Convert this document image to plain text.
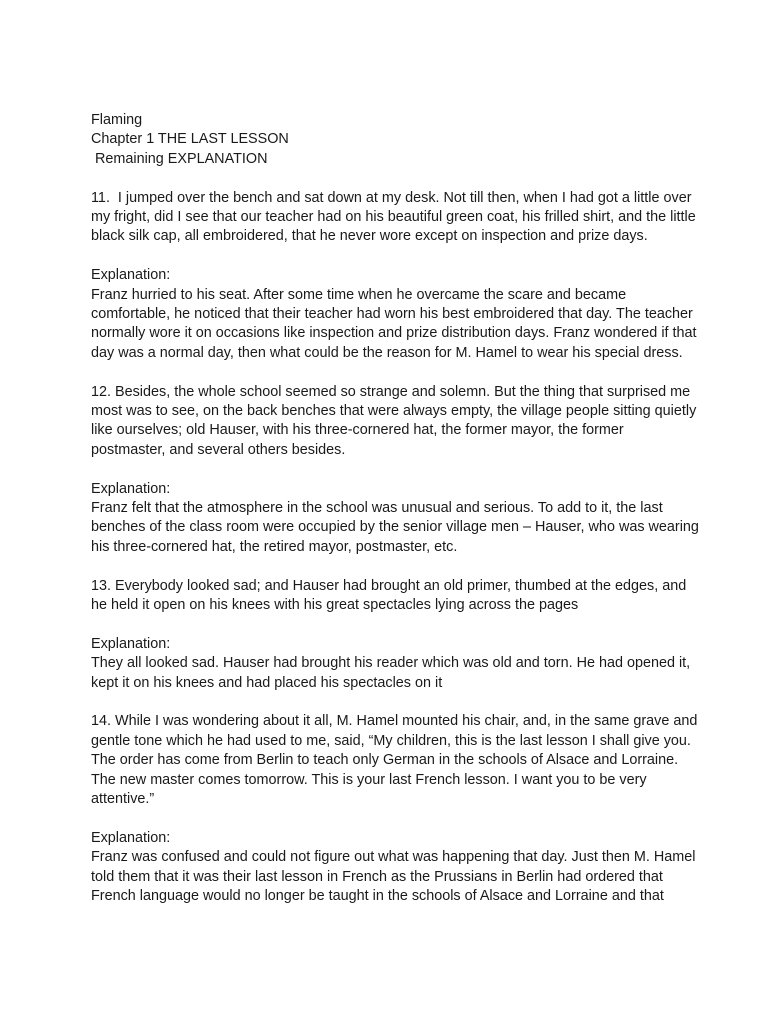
Flaming
Chapter 1 THE LAST LESSON
Remaining EXPLANATION
11.  I jumped over the bench and sat down at my desk. Not till then, when I had got a little over
my fright, did I see that our teacher had on his beautiful green coat, his frilled shirt, and the little
black silk cap, all embroidered, that he never wore except on inspection and prize days.
Explanation:
Franz hurried to his seat. After some time when he overcame the scare and became
comfortable, he noticed that their teacher had worn his best embroidered that day. The teacher
normally wore it on occasions like inspection and prize distribution days. Franz wondered if that
day was a normal day, then what could be the reason for M. Hamel to wear his special dress.
12. Besides, the whole school seemed so strange and solemn. But the thing that surprised me
most was to see, on the back benches that were always empty, the village people sitting quietly
like ourselves; old Hauser, with his three-cornered hat, the former mayor, the former
postmaster, and several others besides.
Explanation:
Franz felt that the atmosphere in the school was unusual and serious. To add to it, the last
benches of the class room were occupied by the senior village men – Hauser, who was wearing
his three-cornered hat, the retired mayor, postmaster, etc.
13. Everybody looked sad; and Hauser had brought an old primer, thumbed at the edges, and
he held it open on his knees with his great spectacles lying across the pages
Explanation:
They all looked sad. Hauser had brought his reader which was old and torn. He had opened it,
kept it on his knees and had placed his spectacles on it
14. While I was wondering about it all, M. Hamel mounted his chair, and, in the same grave and
gentle tone which he had used to me, said, “My children, this is the last lesson I shall give you.
The order has come from Berlin to teach only German in the schools of Alsace and Lorraine.
The new master comes tomorrow. This is your last French lesson. I want you to be very
attentive.”
Explanation:
Franz was confused and could not figure out what was happening that day. Just then M. Hamel
told them that it was their last lesson in French as the Prussians in Berlin had ordered that
French language would no longer be taught in the schools of Alsace and Lorraine and that
